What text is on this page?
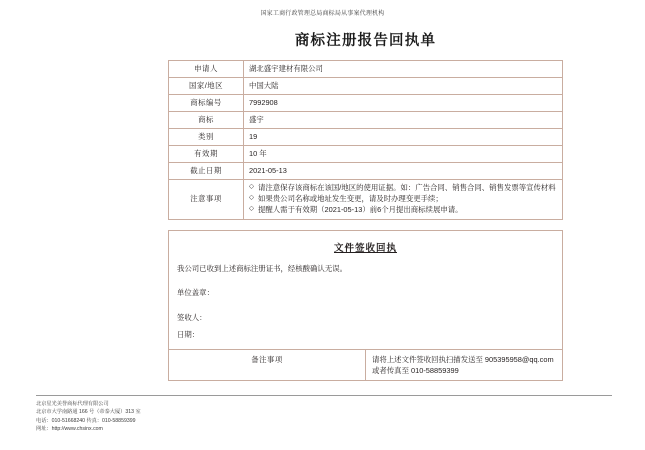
国家工商行政管理总局商标局从事案代理机构
商标注册报告回执单
申请人	湖北盛宇建材有限公司
国家/地区	中国大陆
商标编号	7992908
商标	盛宇
类别	19
有效期	10 年
截止日期	2021-05-13
注意事项	
◇ 请注意保存该商标在该国/地区的使用证据。如：广告合同、销售合同、销售发票等宣传材料
◇ 如果贵公司名称或地址发生变更，请及时办理变更手续；
◇ 提醒人需于有效期（2021-05-13）前6个月提出商标续展申请。
文件签收回执
我公司已收到上述商标注册证书，经核酸确认无误。
单位盖章：
签收人：
日期：

备注事项	请将上述文件签收回执扫描发送至 905395958@qq.com
或者传真至 010-58859399
北京星光美誉商标代理有限公司
北京市大学南路通 166 号（帝泰大厦）313 室
电话：010-51668240 传真：010-58859399
网址：http://www.chsinx.com
